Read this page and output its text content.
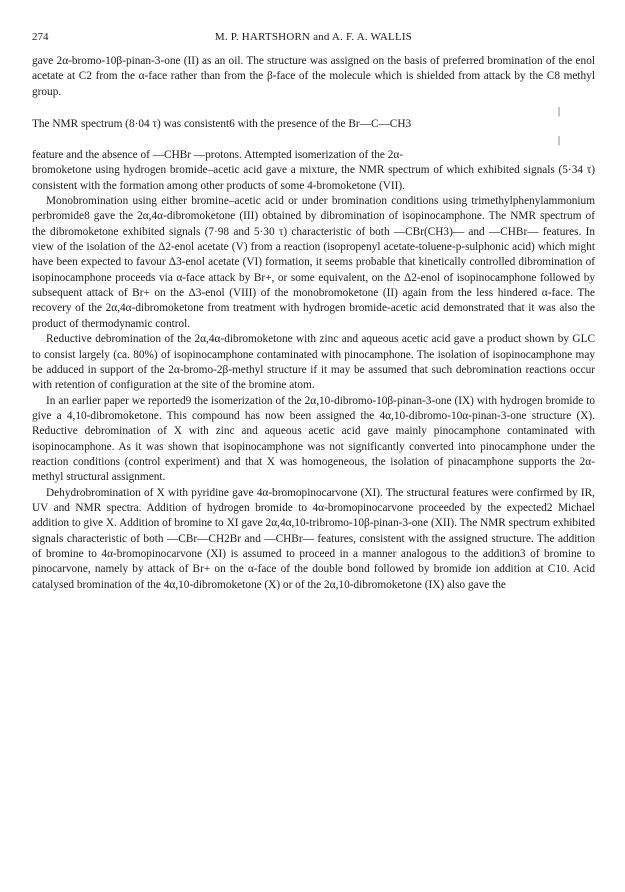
274	M. P. HARTSHORN and A. F. A. WALLIS

gave 2α-bromo-10β-pinan-3-one (II) as an oil. The structure was assigned on the basis of preferred bromination of the enol acetate at C2 from the α-face rather than from the β-face of the molecule which is shielded from attack by the C8 methyl group.

|
The NMR spectrum (8·04 τ) was consistent6 with the presence of the Br—C—CH3
|

feature and the absence of —CHBr —protons. Attempted isomerization of the 2α-

bromoketone using hydrogen bromide–acetic acid gave a mixture, the NMR spectrum of which exhibited signals (5·34 τ) consistent with the formation among other products of some 4-bromoketone (VII).

Monobromination using either bromine–acetic acid or under bromination conditions using trimethylphenylammonium perbromide8 gave the 2α,4α-dibromoketone (III) obtained by dibromination of isopinocamphone. The NMR spectrum of the dibromoketone exhibited signals (7·98 and 5·30 τ) characteristic of both —CBr(CH3)— and —CHBr— features. In view of the isolation of the Δ2-enol acetate (V) from a reaction (isopropenyl acetate-toluene-p-sulphonic acid) which might have been expected to favour Δ3-enol acetate (VI) formation, it seems probable that kinetically controlled dibromination of isopinocamphone proceeds via α-face attack by Br+, or some equivalent, on the Δ2-enol of isopinocamphone followed by subsequent attack of Br+ on the Δ3-enol (VIII) of the monobromoketone (II) again from the less hindered α-face. The recovery of the 2α,4α-dibromoketone from treatment with hydrogen bromide-acetic acid demonstrated that it was also the product of thermodynamic control.

Reductive debromination of the 2α,4α-dibromoketone with zinc and aqueous acetic acid gave a product shown by GLC to consist largely (ca. 80%) of isopinocamphone contaminated with pinocamphone. The isolation of isopinocamphone may be adduced in support of the 2α-bromo-2β-methyl structure if it may be assumed that such debromination reactions occur with retention of configuration at the site of the bromine atom.

In an earlier paper we reported9 the isomerization of the 2α,10-dibromo-10β-pinan-3-one (IX) with hydrogen bromide to give a 4,10-dibromoketone. This compound has now been assigned the 4α,10-dibromo-10α-pinan-3-one structure (X). Reductive debromination of X with zinc and aqueous acetic acid gave mainly pinocamphone contaminated with isopinocamphone. As it was shown that isopinocamphone was not significantly converted into pinocamphone under the reaction conditions (control experiment) and that X was homogeneous, the isolation of pinacamphone supports the 2α-methyl structural assignment.

Dehydrobromination of X with pyridine gave 4α-bromopinocarvone (XI). The structural features were confirmed by IR, UV and NMR spectra. Addition of hydrogen bromide to 4α-bromopinocarvone proceeded by the expected2 Michael addition to give X. Addition of bromine to XI gave 2α,4α,10-tribromo-10β-pinan-3-one (XII). The NMR spectrum exhibited signals characteristic of both —CBr—CH2Br and —CHBr— features, consistent with the assigned structure. The addition of bromine to 4α-bromopinocarvone (XI) is assumed to proceed in a manner analogous to the addition3 of bromine to pinocarvone, namely by attack of Br+ on the α-face of the double bond followed by bromide ion addition at C10. Acid catalysed bromination of the 4α,10-dibromoketone (X) or of the 2α,10-dibromoketone (IX) also gave the
